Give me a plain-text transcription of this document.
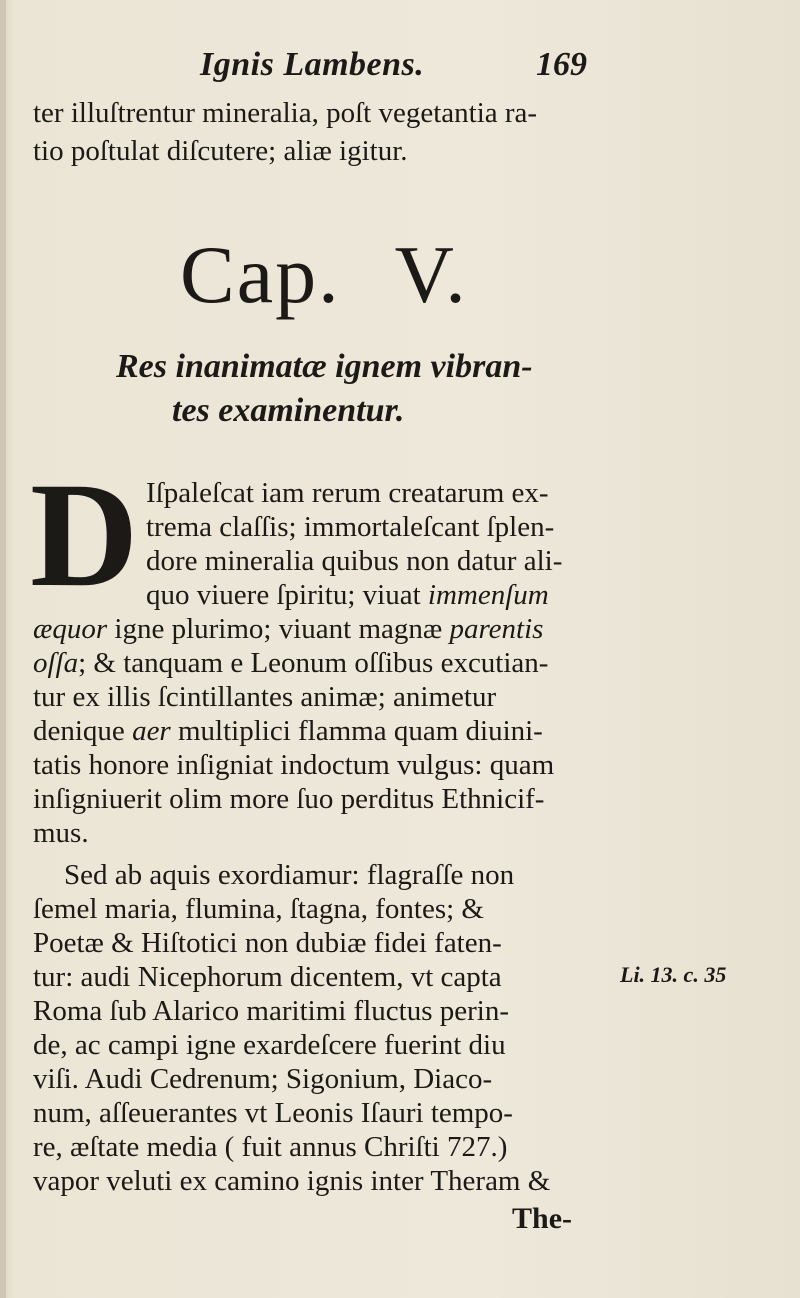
Ignis Lambens.	169
ter illuſtrentur mineralia, poſt vegetantia ra-
tio poſtulat diſcutere; aliæ igitur.
Cap. V.
Res inanimatæ ignem vibran-
tes examinentur.
D Iſpaleſcat iam rerum creatarum ex-
trema claſſis; immortaleſcant ſplen-
dore mineralia quibus non datur ali-
quo viuere ſpiritu; viuat immenſum
æquor igne plurimo; viuant magnæ parentis
oſſa; & tanquam e Leonum oſſibus excutian-
tur ex illis ſcintillantes animæ; animetur
denique aer multiplici flamma quam diuini-
tatis honore inſigniat indoctum vulgus: quam
inſigniuerit olim more ſuo perditus Ethnicif-
mus.
Sed ab aquis exordiamur: flagraſſe non
ſemel maria, flumina, ſtagna, fontes; &
Poetæ & Hiſtotici non dubiæ fidei faten-
tur: audi Nicephorum dicentem, vt capta
Roma ſub Alarico maritimi fluctus perin-
de, ac campi igne exardeſcere fuerint diu
viſi. Audi Cedrenum; Sigonium, Diaco-
num, aſſeuerantes vt Leonis Iſauri tempo-
re, æſtate media ( fuit annus Chriſti 727.)
vapor veluti ex camino ignis inter Theram &
Li. 13. c. 35
The-
